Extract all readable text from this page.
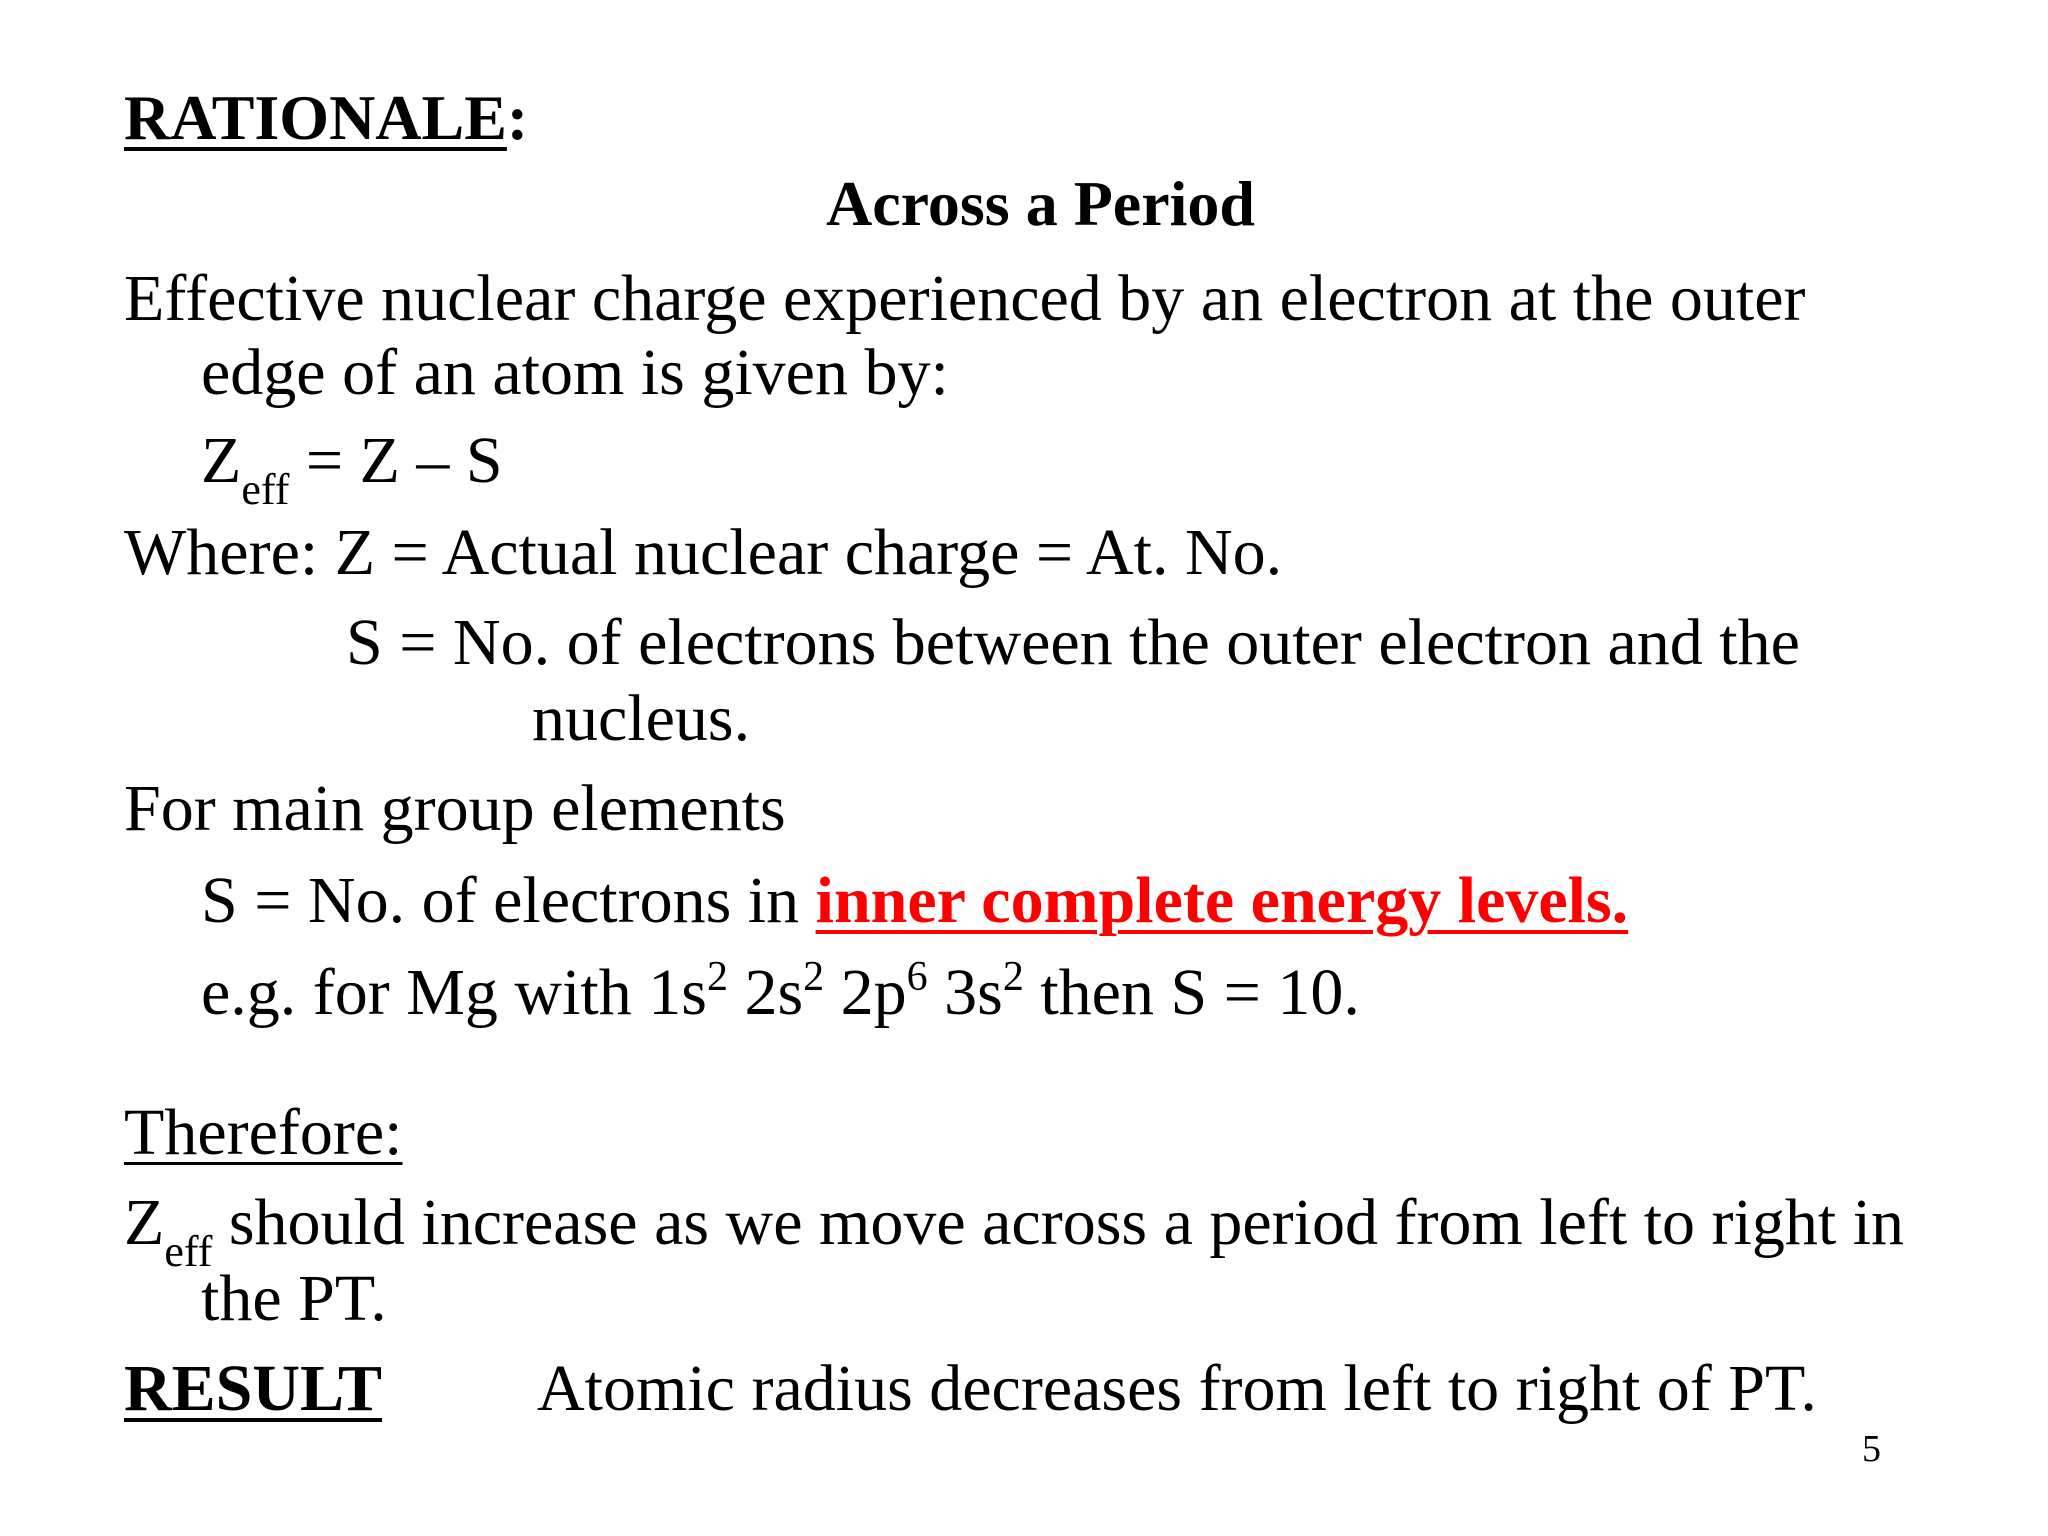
RATIONALE:
Across a Period
Effective nuclear charge experienced by an electron at the outer
edge of an atom is given by:
$Z_{eff} = Z - S$
Where: Z = Actual nuclear charge = At. No.
S = No. of electrons between the outer electron and the
nucleus.
For main group elements
S = No. of electrons in inner complete energy levels.
e.g. for Mg with $1s^2$ $2s^2$ $2p^6$ $3s^2$ then S = 10.
Therefore:
$Z_{eff}$ should increase as we move across a period from left to right in
the PT.
RESULT Atomic radius decreases from left to right of PT.
5
